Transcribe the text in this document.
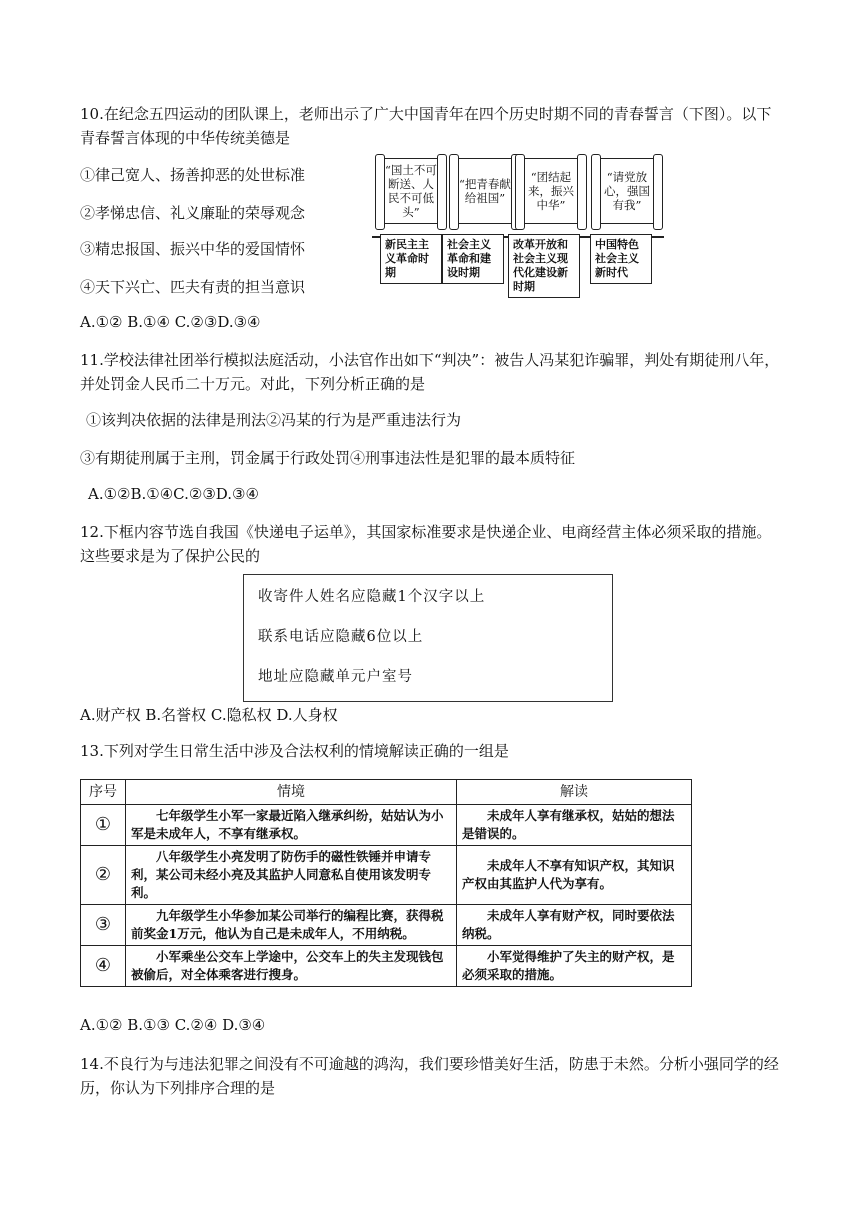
10.在纪念五四运动的团队课上，老师出示了广大中国青年在四个历史时期不同的青春誓言（下图）。以下青春誓言体现的中华传统美德是
①律己宽人、扬善抑恶的处世标准
②孝悌忠信、礼义廉耻的荣辱观念
③精忠报国、振兴中华的爱国情怀
④天下兴亡、匹夫有责的担当意识
“国土不可断送、人民不可低头”
“把青春献给祖国”
“团结起来，振兴中华”
“请党放心，强国有我”
新民主主义革命时期
社会主义革命和建设时期
改革开放和社会主义现代化建设新时期
中国特色社会主义新时代
A.①② B.①④ C.②③D.③④
11.学校法律社团举行模拟法庭活动，小法官作出如下“判决”：被告人冯某犯诈骗罪，判处有期徒刑八年，并处罚金人民币二十万元。对此，下列分析正确的是
①该判决依据的法律是刑法②冯某的行为是严重违法行为
③有期徒刑属于主刑，罚金属于行政处罚④刑事违法性是犯罪的最本质特征
A.①②B.①④C.②③D.③④
12.下框内容节选自我国《快递电子运单》，其国家标准要求是快递企业、电商经营主体必须采取的措施。这些要求是为了保护公民的
收寄件人姓名应隐藏1个汉字以上
联系电话应隐藏6位以上
地址应隐藏单元户室号
A.财产权 B.名誉权 C.隐私权 D.人身权
13.下列对学生日常生活中涉及合法权利的情境解读正确的一组是
序号	情境	解读
①	七年级学生小军一家最近陷入继承纠纷，姑姑认为小军是未成年人，不享有继承权。	未成年人享有继承权，姑姑的想法是错误的。
②	八年级学生小亮发明了防伤手的磁性铁锤并申请专利，某公司未经小亮及其监护人同意私自使用该发明专利。	未成年人不享有知识产权，其知识产权由其监护人代为享有。
③	九年级学生小华参加某公司举行的编程比赛，获得税前奖金1万元，他认为自己是未成年人，不用纳税。	未成年人享有财产权，同时要依法纳税。
④	小军乘坐公交车上学途中，公交车上的失主发现钱包被偷后，对全体乘客进行搜身。	小军觉得维护了失主的财产权，是必须采取的措施。
A.①② B.①③ C.②④ D.③④
14.不良行为与违法犯罪之间没有不可逾越的鸿沟，我们要珍惜美好生活，防患于未然。分析小强同学的经历，你认为下列排序合理的是
